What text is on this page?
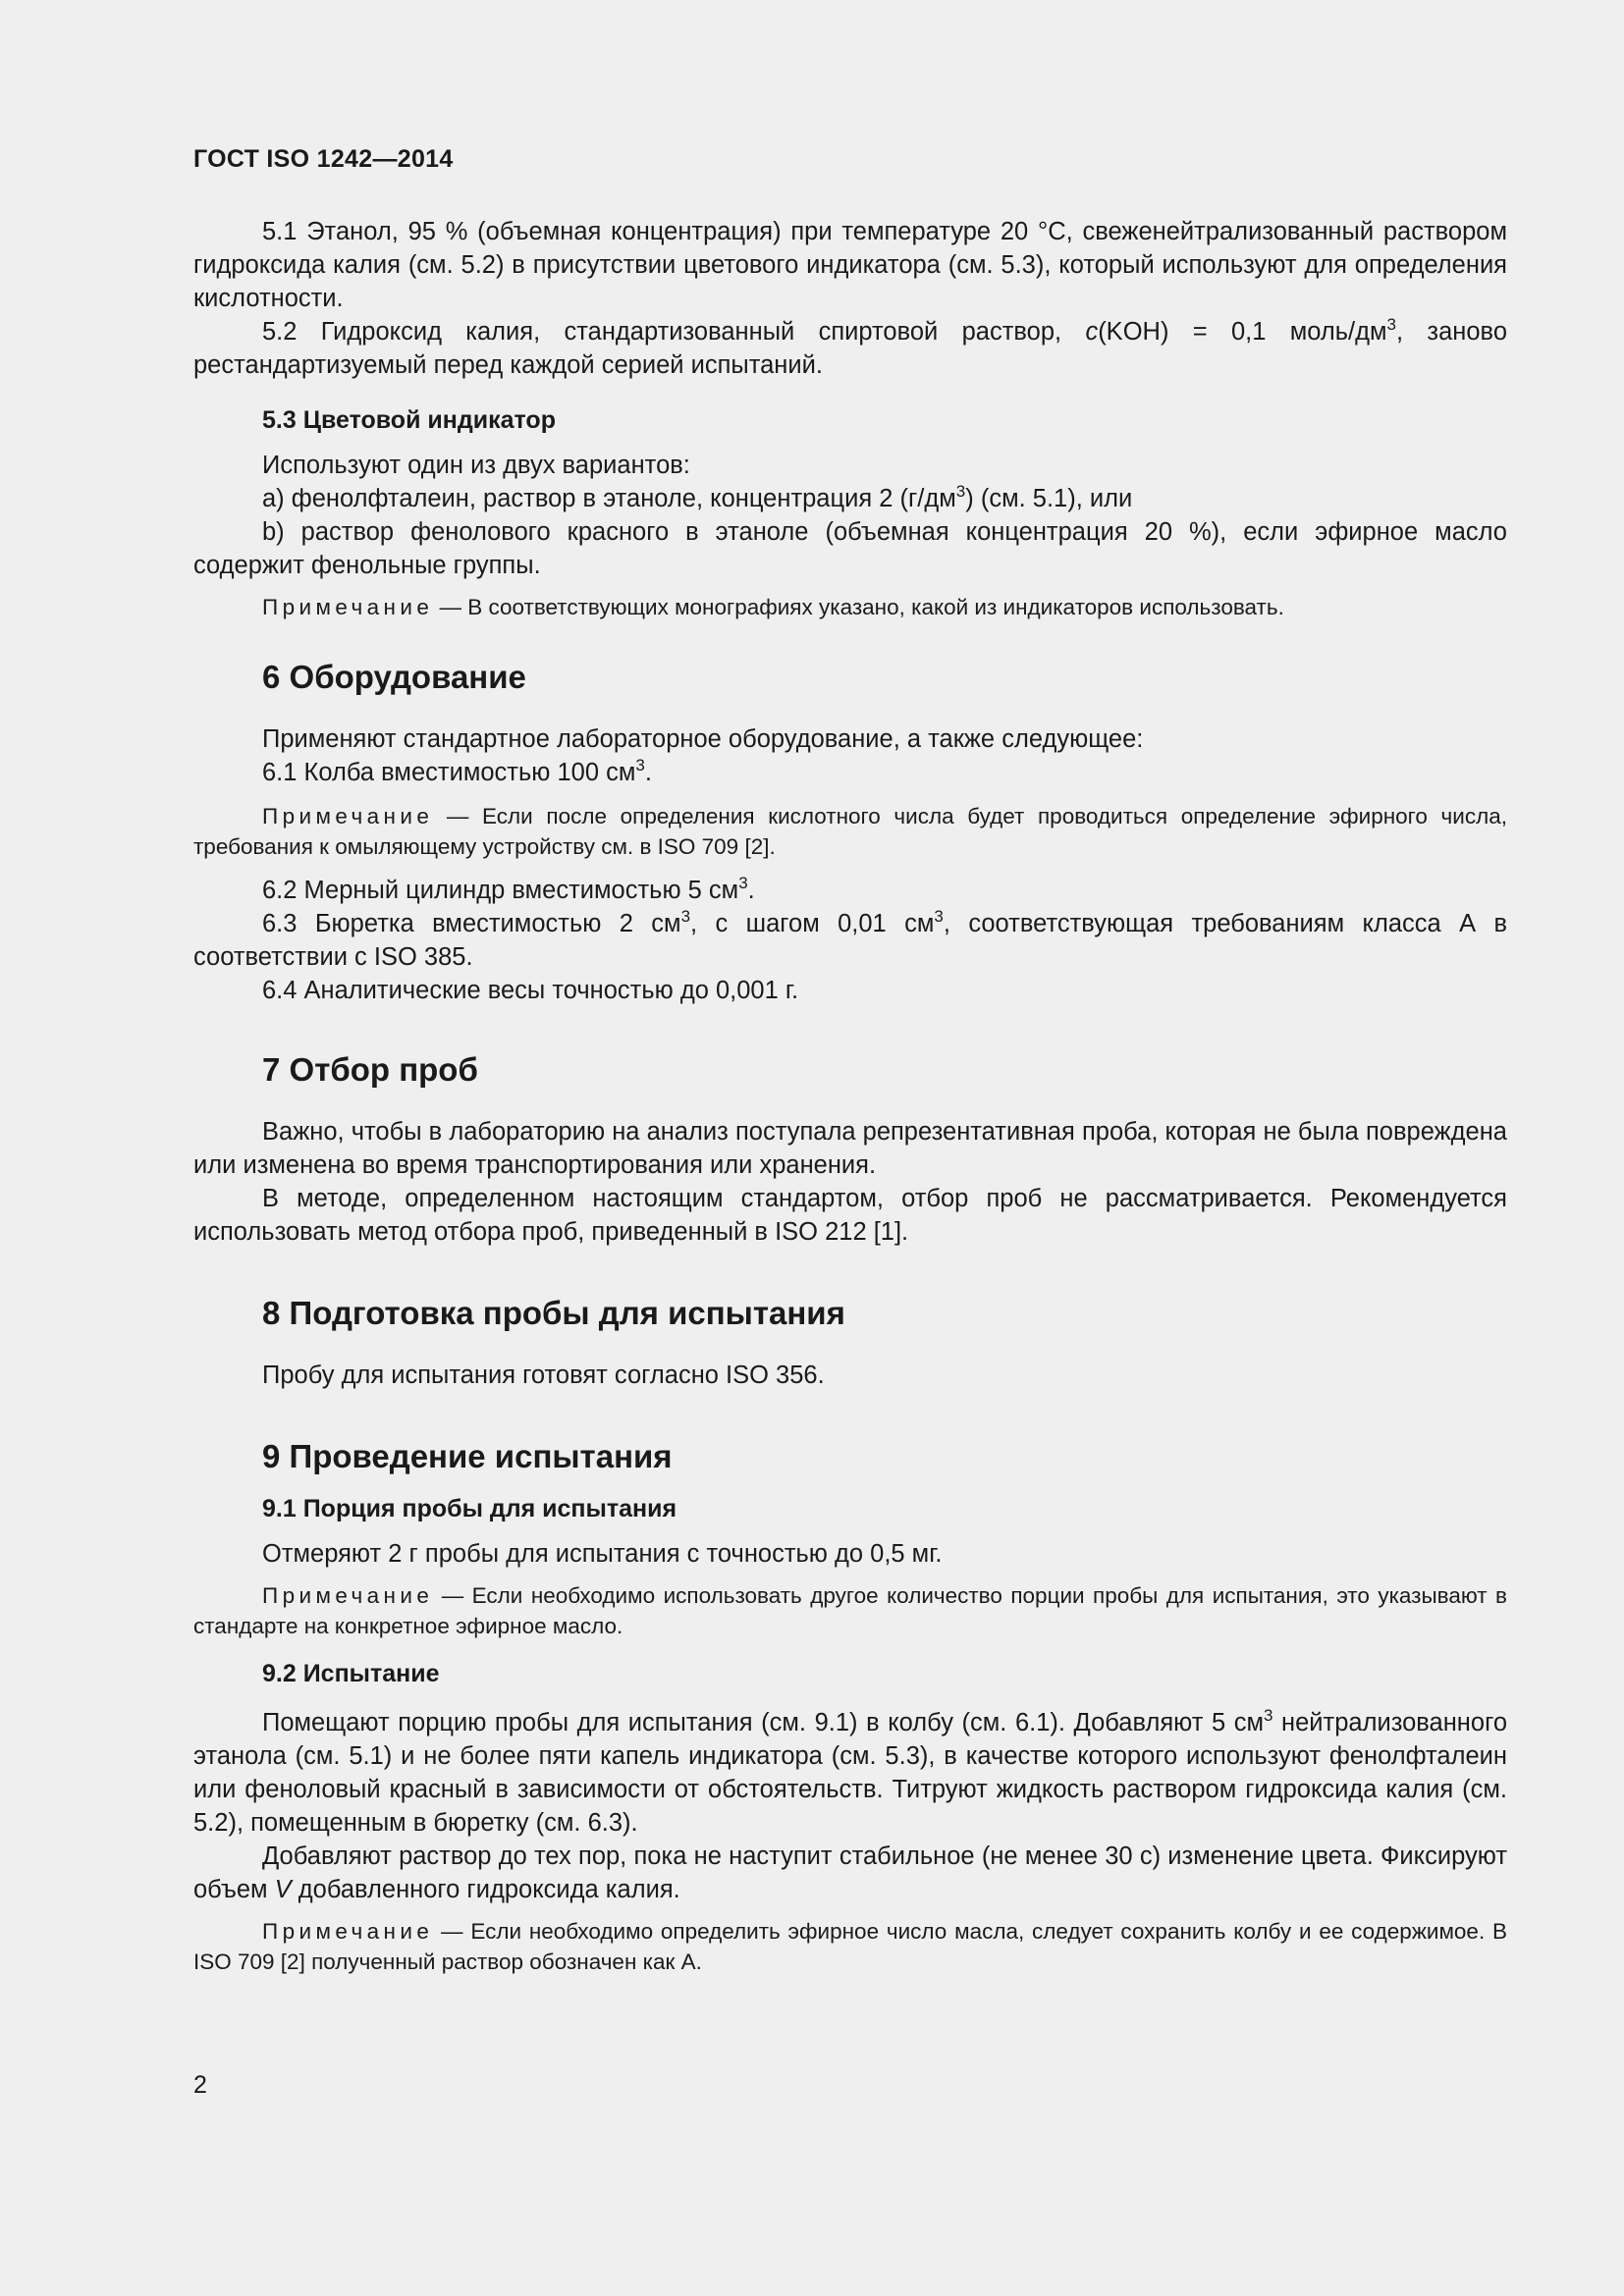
ГОСТ ISO 1242—2014

5.1 Этанол, 95 % (объемная концентрация) при температуре 20 °С, свеженейтрализованный раствором гидроксида калия (см. 5.2) в присутствии цветового индикатора (см. 5.3), который используют для определения кислотности.

5.2 Гидроксид калия, стандартизованный спиртовой раствор, c(KOH) = 0,1 моль/$дм^3$, заново рестандартизуемый перед каждой серией испытаний.

5.3 Цветовой индикатор

Используют один из двух вариантов:

a) фенолфталеин, раствор в этаноле, концентрация 2 $(г/дм^3)$ (см. 5.1), или

b) раствор фенолового красного в этаноле (объемная концентрация 20 %), если эфирное масло содержит фенольные группы.

Примечание — В соответствующих монографиях указано, какой из индикаторов использовать.

6 Оборудование

Применяют стандартное лабораторное оборудование, а также следующее:

6.1 Колба вместимостью 100 $см^3$.

Примечание — Если после определения кислотного числа будет проводиться определение эфирного числа, требования к омыляющему устройству см. в ISO 709 [2].

6.2 Мерный цилиндр вместимостью 5 $см^3$.

6.3 Бюретка вместимостью 2 $см^3$, с шагом 0,01 $см^3$, соответствующая требованиям класса А в соответствии с ISO 385.

6.4 Аналитические весы точностью до 0,001 г.

7 Отбор проб

Важно, чтобы в лабораторию на анализ поступала репрезентативная проба, которая не была повреждена или изменена во время транспортирования или хранения.

В методе, определенном настоящим стандартом, отбор проб не рассматривается. Рекомендуется использовать метод отбора проб, приведенный в ISO 212 [1].

8 Подготовка пробы для испытания

Пробу для испытания готовят согласно ISO 356.

9 Проведение испытания
9.1 Порция пробы для испытания

Отмеряют 2 г пробы для испытания с точностью до 0,5 мг.

Примечание — Если необходимо использовать другое количество порции пробы для испытания, это указывают в стандарте на конкретное эфирное масло.

9.2 Испытание

Помещают порцию пробы для испытания (см. 9.1) в колбу (см. 6.1). Добавляют 5 $см^3$ нейтрализованного этанола (см. 5.1) и не более пяти капель индикатора (см. 5.3), в качестве которого используют фенолфталеин или феноловый красный в зависимости от обстоятельств. Титруют жидкость раствором гидроксида калия (см. 5.2), помещенным в бюретку (см. 6.3).

Добавляют раствор до тех пор, пока не наступит стабильное (не менее 30 с) изменение цвета. Фиксируют объем V добавленного гидроксида калия.

Примечание — Если необходимо определить эфирное число масла, следует сохранить колбу и ее содержимое. В ISO 709 [2] полученный раствор обозначен как А.

2
